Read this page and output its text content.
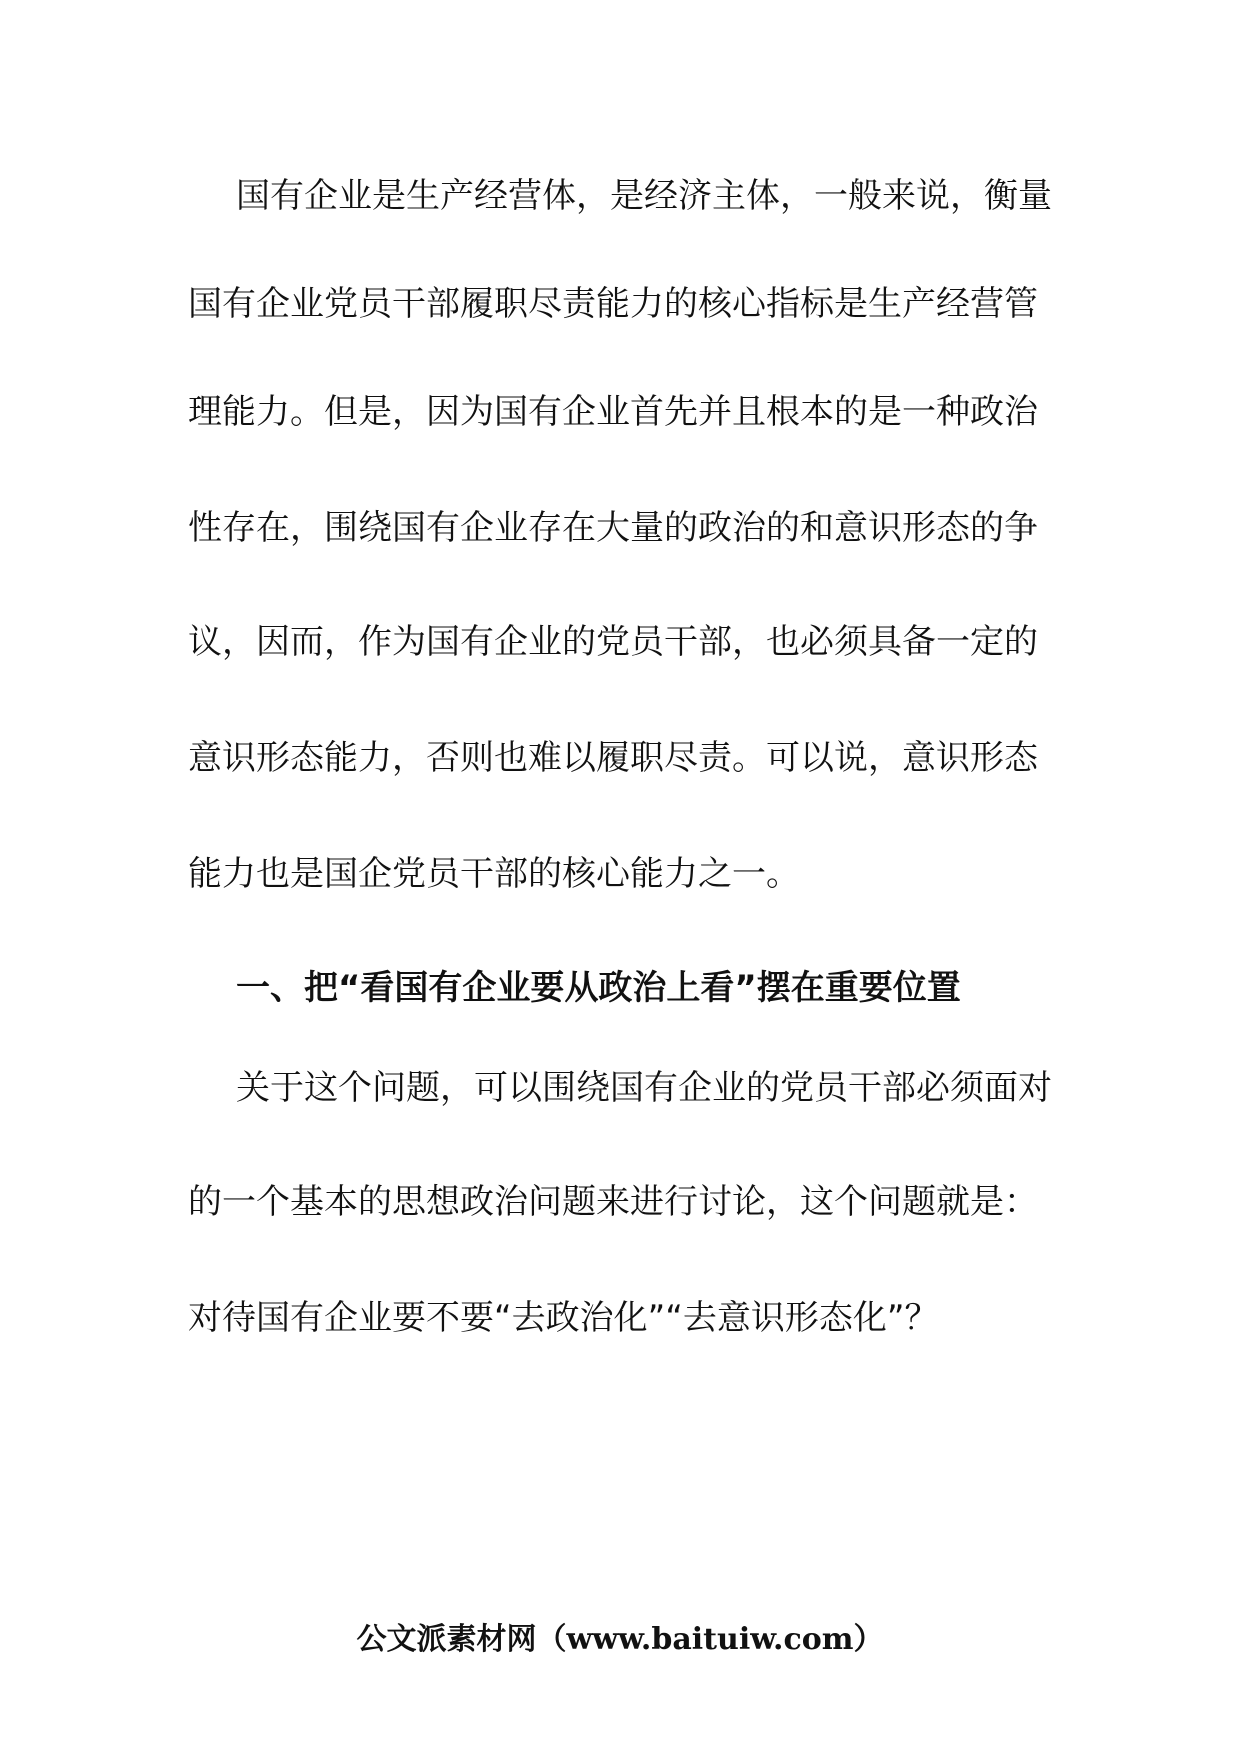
国有企业是生产经营体，是经济主体，一般来说，衡量
国有企业党员干部履职尽责能力的核心指标是生产经营管
理能力。但是，因为国有企业首先并且根本的是一种政治
性存在，围绕国有企业存在大量的政治的和意识形态的争
议，因而，作为国有企业的党员干部，也必须具备一定的
意识形态能力，否则也难以履职尽责。可以说，意识形态
能力也是国企党员干部的核心能力之一。
一、把“看国有企业要从政治上看”摆在重要位置
关于这个问题，可以围绕国有企业的党员干部必须面对
的一个基本的思想政治问题来进行讨论，这个问题就是：
对待国有企业要不要“去政治化”“去意识形态化”？
公文派素材网（www.baituiw.com）
